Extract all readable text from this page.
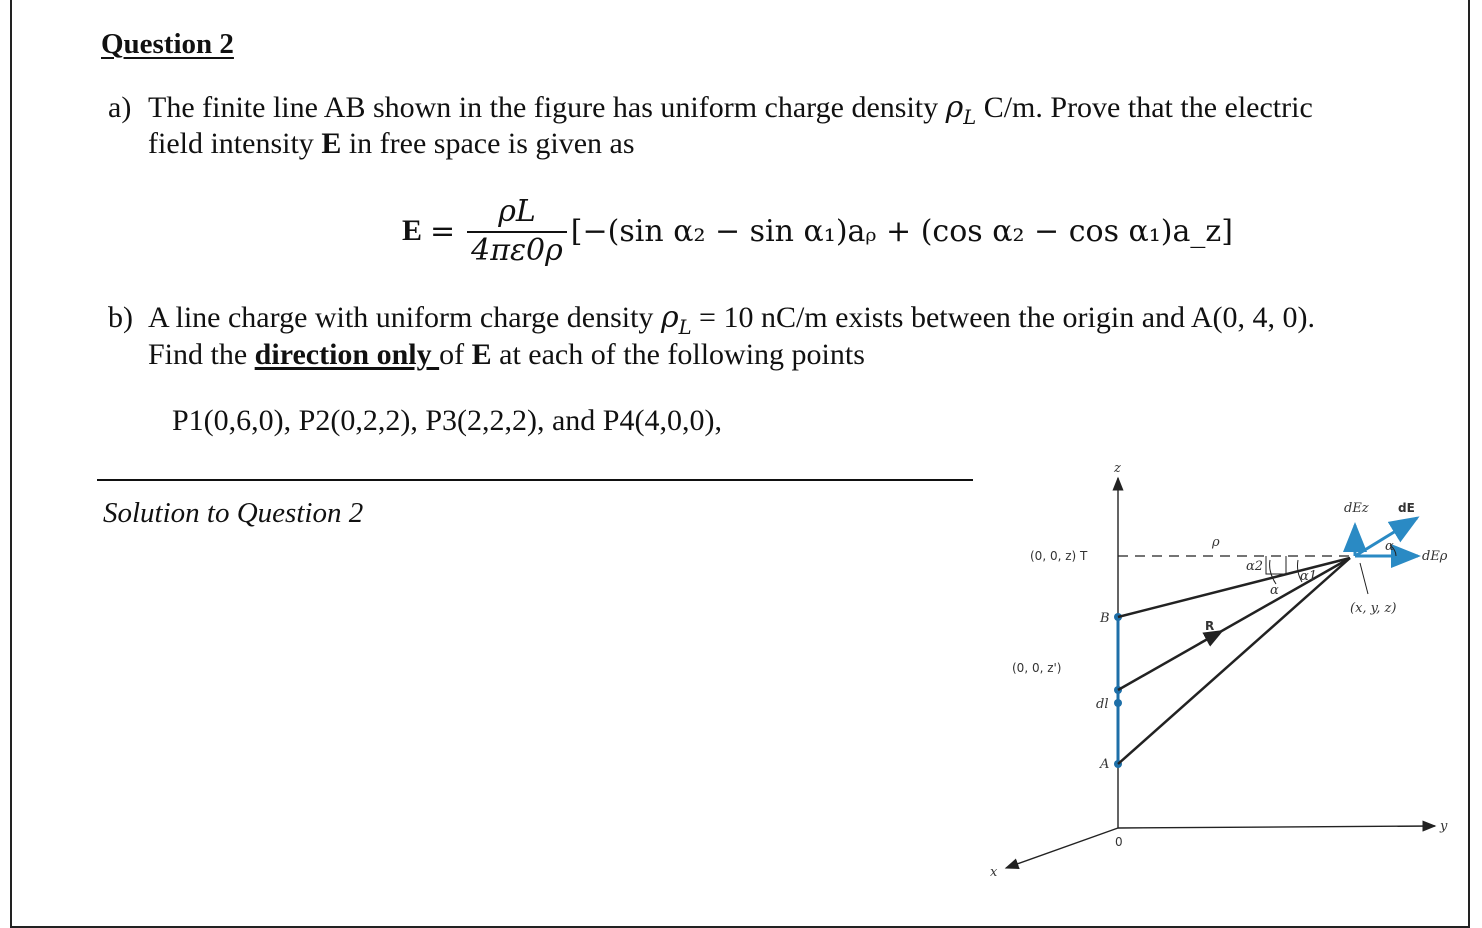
Question 2
a) The finite line AB shown in the figure has uniform charge density $\rho_L$ C/m. Prove that the electric
field intensity E in free space is given as
$E = \frac{\rho L}{4\pi\varepsilon 0\rho} [-(\sin$ α₂ − sin α₁)aᵨ + (cos α₂ − cos α₁)a_z]
b) A line charge with uniform charge density $\rho_L = 10$ nC/m exists between the origin and A(0, 4, 0).
Find the direction only of E at each of the following points
P1(0,6,0), P2(0,2,2), P3(2,2,2), and P4(4,0,0),
Solution to Question 2
z
y
x
0
(0, 0, z) T
(0, 0, z')
B
A
dl
ρ
R
α2
α
α1
dEz dE
dEρ
α
(x, y, z)
